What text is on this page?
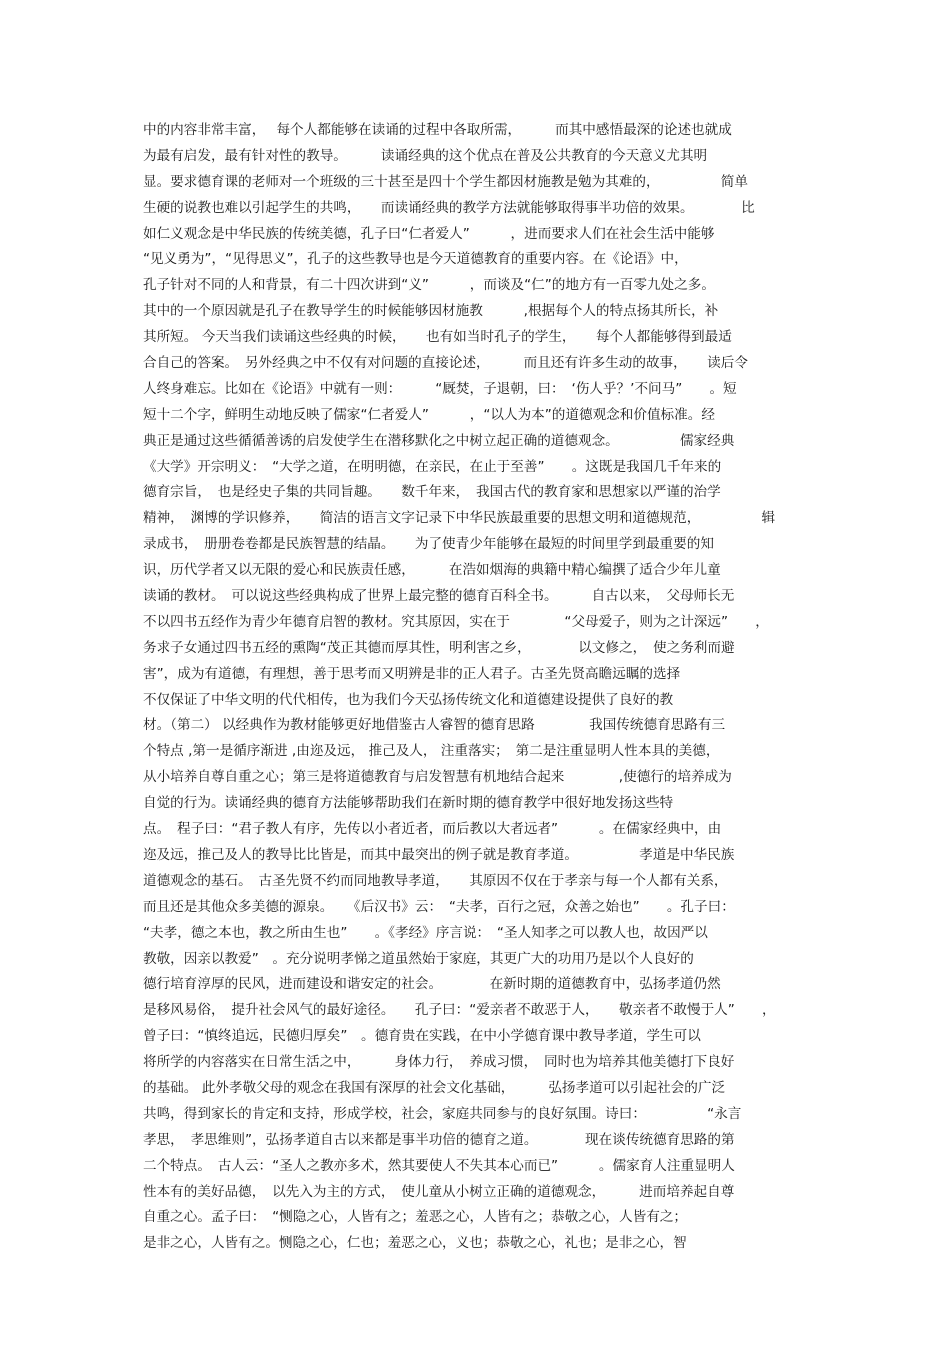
中的内容非常丰富，　 每个人都能够在读诵的过程中各取所需，　　　而其中感悟最深的论述也就成
为最有启发，最有针对性的教导。　　　读诵经典的这个优点在普及公共教育的今天意义尤其明
显。要求德育课的老师对一个班级的三十甚至是四十个学生都因材施教是勉为其难的，　　　　　简单
生硬的说教也难以引起学生的共鸣，　　而读诵经典的教学方法就能够取得事半功倍的效果。　　　　比
如仁义观念是中华民族的传统美德，孔子曰“仁者爱人”　　　，进而要求人们在社会生活中能够
“见义勇为”，“见得思义”，孔子的这些教导也是今天道德教育的重要内容。在《论语》中，
孔子针对不同的人和背景，有二十四次讲到“义”　　　，而谈及“仁”的地方有一百零九处之多。
其中的一个原因就是孔子在教导学生的时候能够因材施教　　　,根据每个人的特点扬其所长，补
其所短。 今天当我们读诵这些经典的时候，　　也有如当时孔子的学生，　　每个人都能够得到最适
合自己的答案。　另外经典之中不仅有对问题的直接论述，　　　而且还有许多生动的故事，　　读后令
人终身难忘。比如在《论语》中就有一则：　　　“厩焚，子退朝，曰：　‘伤人乎？’不问马”　　。短
短十二个字，鲜明生动地反映了儒家“仁者爱人”　　　，“以人为本”的道德观念和价值标准。经
典正是通过这些循循善诱的启发使学生在潜移默化之中树立起正确的道德观念。　　　　　儒家经典
《大学》开宗明义：　“大学之道，在明明德，在亲民，在止于至善”　　。这既是我国几千年来的
德育宗旨，　也是经史子集的共同旨趣。　　数千年来，　我国古代的教育家和思想家以严谨的治学
精神，　渊博的学识修养，　　简洁的语言文字记录下中华民族最重要的思想文明和道德规范，　　　　　辑
录成书，　册册卷卷都是民族智慧的结晶。　　为了使青少年能够在最短的时间里学到最重要的知
识，历代学者又以无限的爱心和民族责任感，　　　在浩如烟海的典籍中精心编撰了适合少年儿童
读诵的教材。　可以说这些经典构成了世界上最完整的德育百科全书。　　　自古以来，　父母师长无
不以四书五经作为青少年德育启智的教材。究其原因，实在于　　　　“父母爱子，则为之计深远”　　，
务求子女通过四书五经的熏陶“茂正其德而厚其性，明利害之乡，　　　　以文修之，　使之务利而避
害”，成为有道德，有理想，善于思考而又明辨是非的正人君子。古圣先贤高瞻远瞩的选择
不仅保证了中华文明的代代相传，也为我们今天弘扬传统文化和道德建设提供了良好的教
材。（第二） 以经典作为教材能够更好地借鉴古人睿智的德育思路　　　　我国传统德育思路有三
个特点 ,第一是循序渐进 ,由迩及远， 推己及人， 注重落实；　第二是注重显明人性本具的美德，
从小培养自尊自重之心；第三是将道德教育与启发智慧有机地结合起来　　　　,使德行的培养成为
自觉的行为。读诵经典的德育方法能够帮助我们在新时期的德育教学中很好地发扬这些特
点。　程子曰：“君子教人有序，先传以小者近者，而后教以大者远者”　　　。在儒家经典中，由
迩及远，推己及人的教导比比皆是，而其中最突出的例子就是教育孝道。　　　　　孝道是中华民族
道德观念的基石。　古圣先贤不约而同地教导孝道，　　其原因不仅在于孝亲与每一个人都有关系，
而且还是其他众多美德的源泉。　　《后汉书》云：　“夫孝，百行之冠，众善之始也”　　。孔子曰：
“夫孝，德之本也，教之所由生也”　　。《孝经》序言说：　“圣人知孝之可以教人也，故因严以
教敬，因亲以教爱”　。充分说明孝悌之道虽然始于家庭，其更广大的功用乃是以个人良好的
德行培育淳厚的民风，进而建设和谐安定的社会。　　　　在新时期的道德教育中，弘扬孝道仍然
是移风易俗，　提升社会风气的最好途径。　　孔子曰：“爱亲者不敢恶于人，　　敬亲者不敢慢于人”　　，
曾子曰：“慎终追远，民德归厚矣”　。德育贵在实践，在中小学德育课中教导孝道，学生可以
将所学的内容落实在日常生活之中，　　　身体力行，　养成习惯，　同时也为培养其他美德打下良好
的基础。 此外孝敬父母的观念在我国有深厚的社会文化基础，　　　弘扬孝道可以引起社会的广泛
共鸣，得到家长的肯定和支持，形成学校，社会，家庭共同参与的良好氛围。诗曰：　　　　　“永言
孝思，　孝思维则”，弘扬孝道自古以来都是事半功倍的德育之道。　　　　现在谈传统德育思路的第
二个特点。　古人云：“圣人之教亦多术，然其要使人不失其本心而已”　　　。儒家育人注重显明人
性本有的美好品德，　以先入为主的方式，　使儿童从小树立正确的道德观念，　　　进而培养起自尊
自重之心。孟子曰：　“恻隐之心，人皆有之；羞恶之心，人皆有之；恭敬之心，人皆有之；
是非之心，人皆有之。恻隐之心，仁也；羞恶之心，义也；恭敬之心，礼也；是非之心，智
